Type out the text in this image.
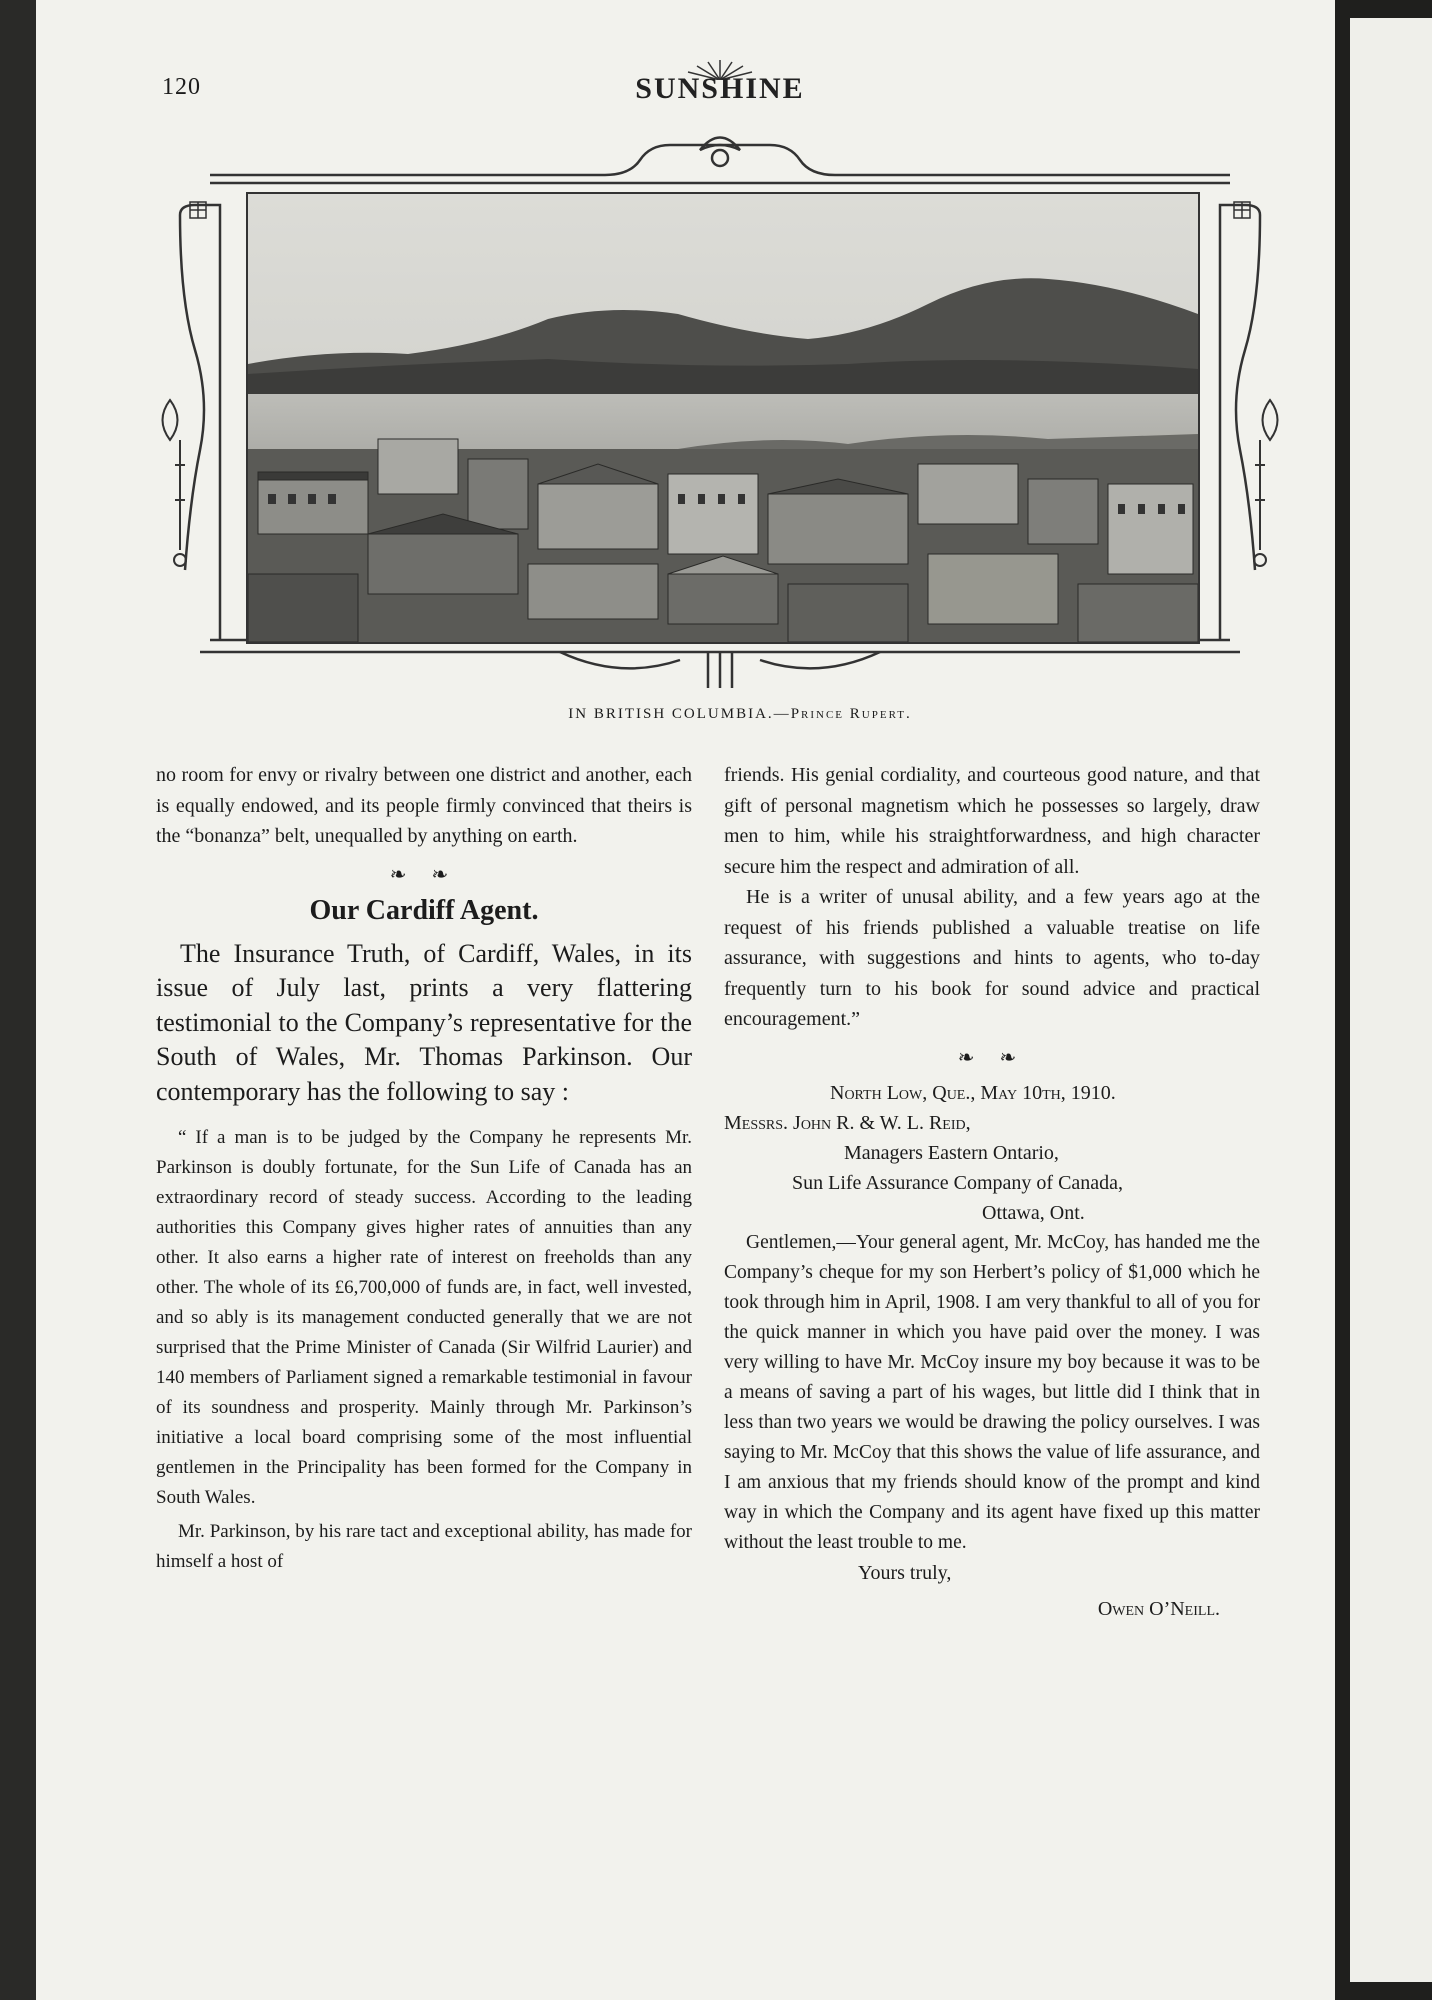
120	SUNSHINE
IN BRITISH COLUMBIA.—Prince Rupert.

no room for envy or rivalry between one district and another, each is equally endowed, and its people firmly convinced that theirs is the “bonanza” belt, unequalled by anything on earth.

❧ ❧
Our Cardiff Agent.

The Insurance Truth, of Cardiff, Wales, in its issue of July last, prints a very flattering testimonial to the Company’s representative for the South of Wales, Mr. Thomas Parkinson. Our contemporary has the following to say :

“ If a man is to be judged by the Company he represents Mr. Parkinson is doubly fortunate, for the Sun Life of Canada has an extraordinary record of steady success. According to the leading authorities this Company gives higher rates of annuities than any other. It also earns a higher rate of interest on freeholds than any other. The whole of its £6,700,000 of funds are, in fact, well invested, and so ably is its management conducted generally that we are not surprised that the Prime Minister of Canada (Sir Wilfrid Laurier) and 140 members of Parliament signed a remarkable testimonial in favour of its soundness and prosperity. Mainly through Mr. Parkinson’s initiative a local board comprising some of the most influential gentlemen in the Principality has been formed for the Company in South Wales.

Mr. Parkinson, by his rare tact and exceptional ability, has made for himself a host of

friends. His genial cordiality, and courteous good nature, and that gift of personal magnetism which he possesses so largely, draw men to him, while his straightforwardness, and high character secure him the respect and admiration of all.

He is a writer of unusal ability, and a few years ago at the request of his friends published a valuable treatise on life assurance, with suggestions and hints to agents, who to-day frequently turn to his book for sound advice and practical encouragement.”

❧ ❧

North Low, Que., May 10th, 1910.

Messrs. John R. & W. L. Reid,

Managers Eastern Ontario,

Sun Life Assurance Company of Canada,

Ottawa, Ont.

Gentlemen,—Your general agent, Mr. McCoy, has handed me the Company’s cheque for my son Herbert’s policy of $1,000 which he took through him in April, 1908. I am very thankful to all of you for the quick manner in which you have paid over the money. I was very willing to have Mr. McCoy insure my boy because it was to be a means of saving a part of his wages, but little did I think that in less than two years we would be drawing the policy ourselves. I was saying to Mr. McCoy that this shows the value of life assurance, and I am anxious that my friends should know of the prompt and kind way in which the Company and its agent have fixed up this matter without the least trouble to me.

Yours truly,

Owen O’Neill.
